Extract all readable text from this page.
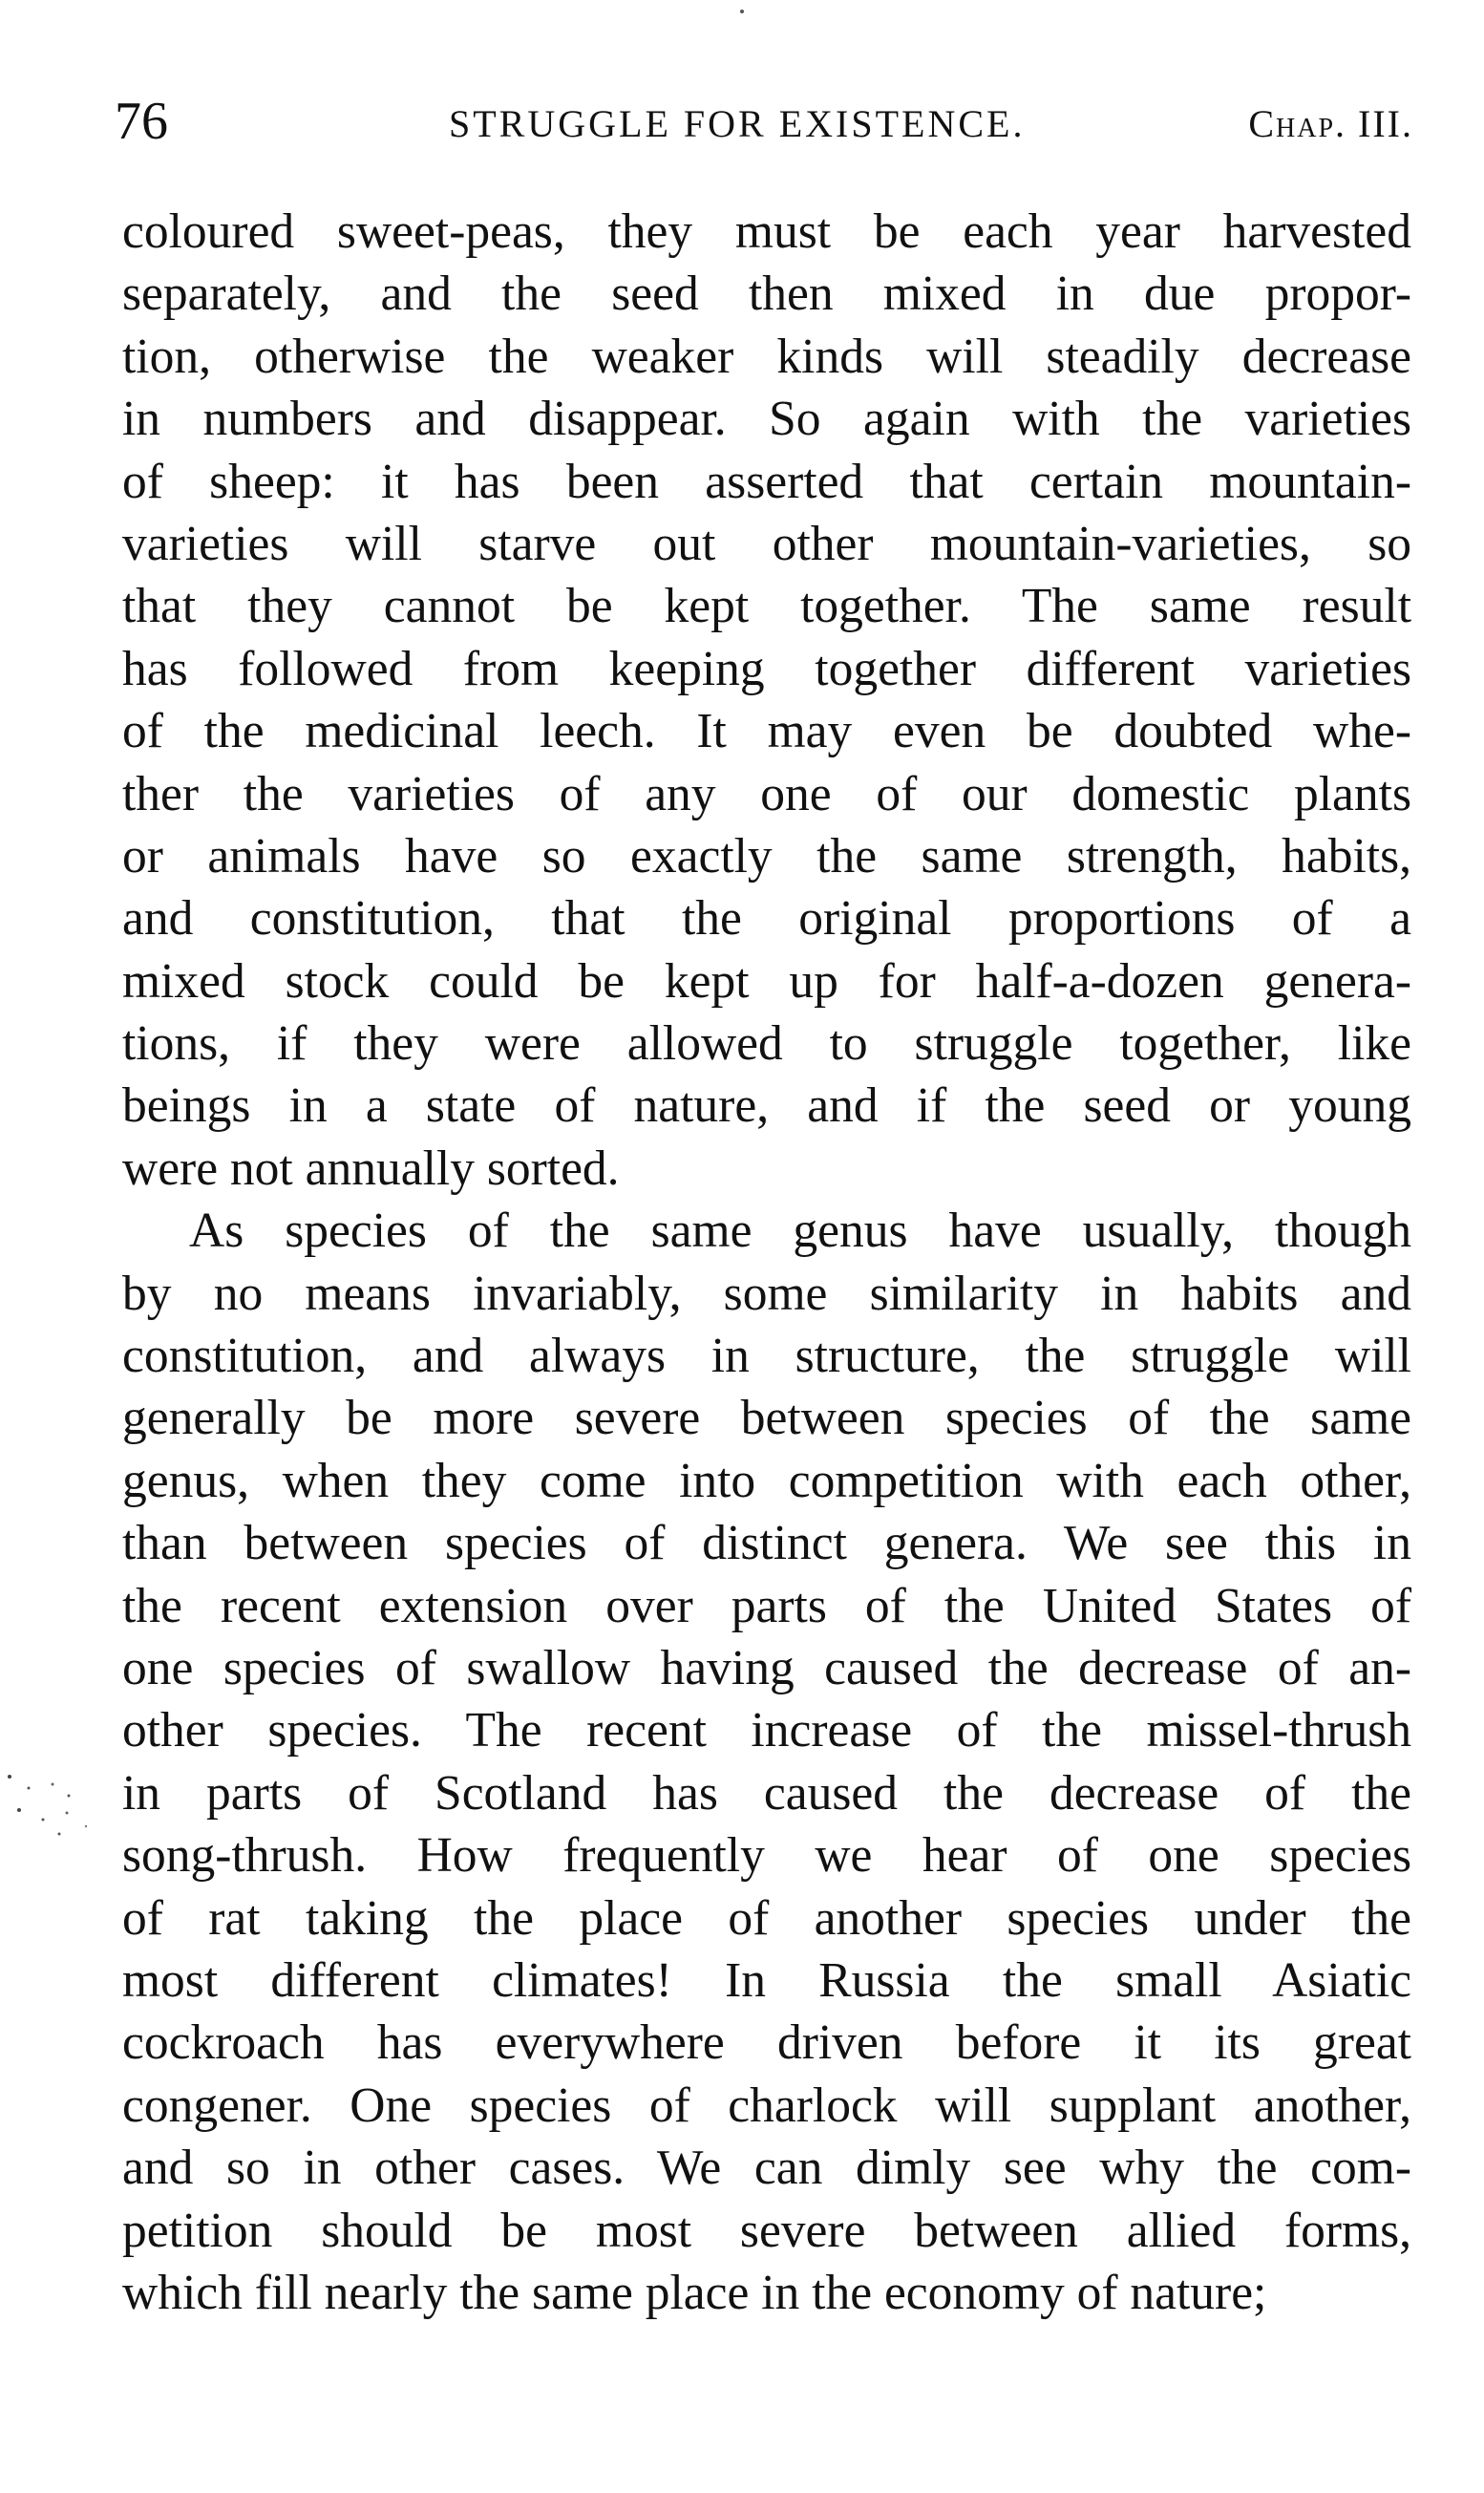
76	STRUGGLE FOR EXISTENCE.	Chap. III.
coloured sweet-peas, they must be each year harvested
separately, and the seed then mixed in due propor-
tion, otherwise the weaker kinds will steadily decrease
in numbers and disappear. So again with the varieties
of sheep: it has been asserted that certain mountain-
varieties will starve out other mountain-varieties, so
that they cannot be kept together. The same result
has followed from keeping together different varieties
of the medicinal leech. It may even be doubted whe-
ther the varieties of any one of our domestic plants
or animals have so exactly the same strength, habits,
and constitution, that the original proportions of a
mixed stock could be kept up for half-a-dozen genera-
tions, if they were allowed to struggle together, like
beings in a state of nature, and if the seed or young
were not annually sorted.
As species of the same genus have usually, though
by no means invariably, some similarity in habits and
constitution, and always in structure, the struggle will
generally be more severe between species of the same
genus, when they come into competition with each other,
than between species of distinct genera. We see this in
the recent extension over parts of the United States of
one species of swallow having caused the decrease of an-
other species. The recent increase of the missel-thrush
in parts of Scotland has caused the decrease of the
song-thrush. How frequently we hear of one species
of rat taking the place of another species under the
most different climates! In Russia the small Asiatic
cockroach has everywhere driven before it its great
congener. One species of charlock will supplant another,
and so in other cases. We can dimly see why the com-
petition should be most severe between allied forms,
which fill nearly the same place in the economy of nature;
